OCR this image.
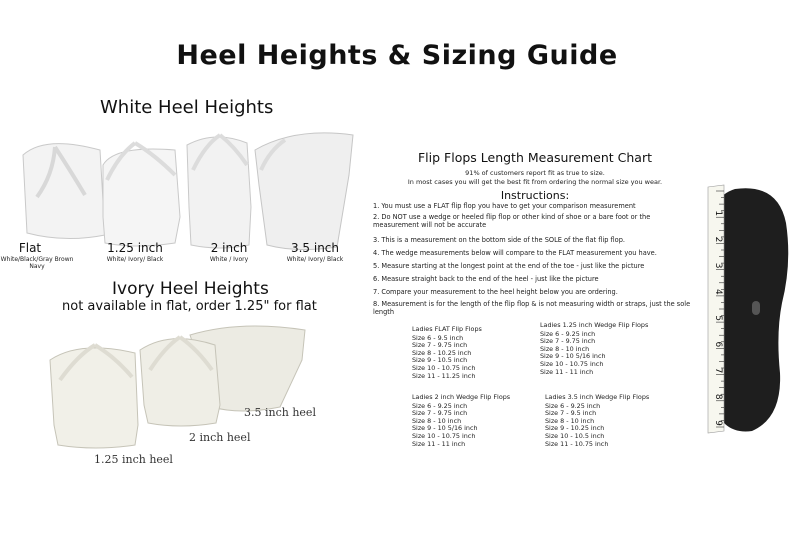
Heel Heights & Sizing Guide
White Heel Heights
Flat
White/Black/Gray Brown Navy
1.25 inch
White/ Ivory/ Black
2 inch
White / Ivory
3.5 inch
White/ Ivory/ Black
Ivory Heel Heights
not available in flat, order 1.25" for flat
3.5 inch heel
2 inch heel
1.25 inch heel
Flip Flops Length Measurement Chart
91% of customers report fit as true to size.
In most cases you will get the best fit from ordering the normal size you wear.
Instructions:
1. You must use a FLAT flip flop you have to get your comparison measurement
2. Do NOT use a wedge or heeled flip flop or other kind of shoe or a bare foot or the measurement will not be accurate
3. This is a measurement on the bottom side of the SOLE of the flat flip flop.
4. The wedge measurements below will compare to the FLAT measurement you have.
5. Measure starting at the longest point at the end of the toe - just like the picture
6. Measure straight back to the end of the heel - just like the picture
7. Compare your measurement to the heel height below you are ordering.
8. Measurement is for the length of the flip flop & is not measuring width or straps, just the sole length
Ladies FLAT Flip Flops
Size 6 - 9.5 inch
Size 7 - 9.75 inch
Size 8 - 10.25 inch
Size 9 - 10.5 inch
Size 10 - 10.75 inch
Size 11 - 11.25 inch
Ladies 1.25 inch Wedge Flip Flops
Size 6 - 9.25 inch
Size 7 - 9.75 inch
Size 8 - 10 inch
Size 9 - 10 5/16 inch
Size 10 - 10.75 inch
Size 11 - 11 inch
Ladies 2 inch Wedge Flip Flops
Size 6 - 9.25 inch
Size 7 - 9.75 inch
Size 8 - 10 inch
Size 9 - 10 5/16 inch
Size 10 - 10.75 inch
Size 11 - 11 inch
Ladies 3.5 inch Wedge Flip Flops
Size 6 - 9.25 inch
Size 7 - 9.5 inch
Size 8 - 10 inch
Size 9 - 10.25 inch
Size 10 - 10.5 inch
Size 11 - 10.75 inch
1
2
3
4
5
6
7
8
9
